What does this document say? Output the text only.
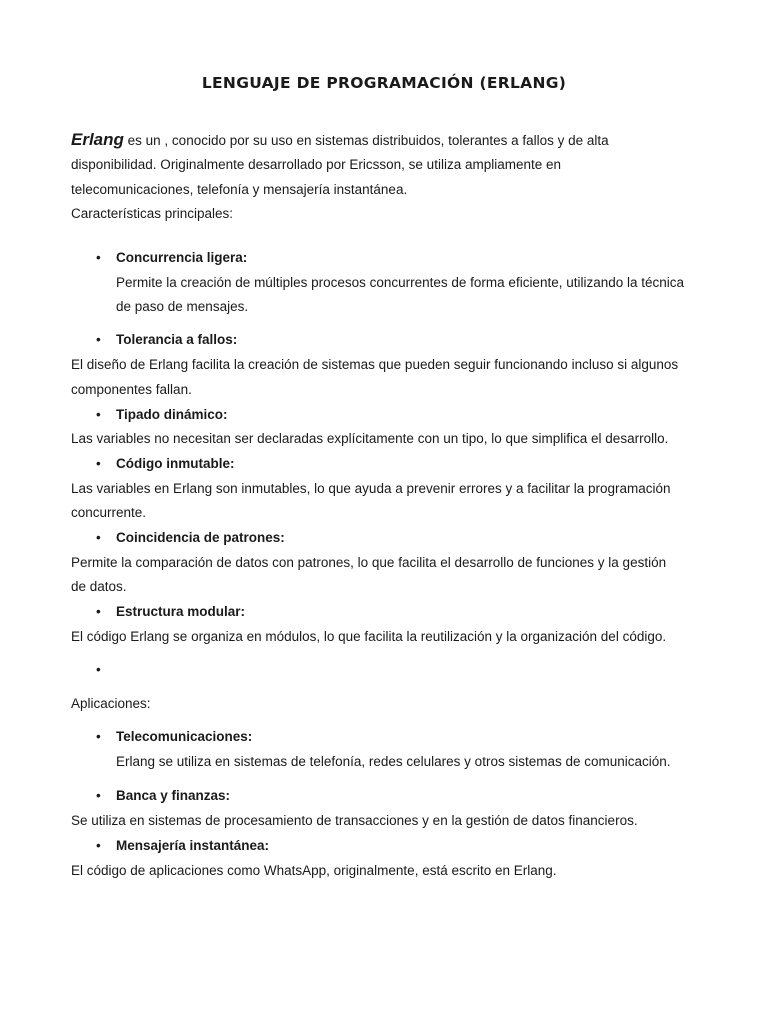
LENGUAJE DE PROGRAMACIÓN (ERLANG)
Erlang es un , conocido por su uso en sistemas distribuidos, tolerantes a fallos y de alta
disponibilidad. Originalmente desarrollado por Ericsson, se utiliza ampliamente en
telecomunicaciones, telefonía y mensajería instantánea.
Características principales:
• Concurrencia ligera:
Permite la creación de múltiples procesos concurrentes de forma eficiente, utilizando la técnica
de paso de mensajes.
• Tolerancia a fallos:
El diseño de Erlang facilita la creación de sistemas que pueden seguir funcionando incluso si algunos
componentes fallan.
• Tipado dinámico:
Las variables no necesitan ser declaradas explícitamente con un tipo, lo que simplifica el desarrollo.
• Código inmutable:
Las variables en Erlang son inmutables, lo que ayuda a prevenir errores y a facilitar la programación
concurrente.
• Coincidencia de patrones:
Permite la comparación de datos con patrones, lo que facilita el desarrollo de funciones y la gestión
de datos.
• Estructura modular:
El código Erlang se organiza en módulos, lo que facilita la reutilización y la organización del código.
•
Aplicaciones:
• Telecomunicaciones:
Erlang se utiliza en sistemas de telefonía, redes celulares y otros sistemas de comunicación.
• Banca y finanzas:
Se utiliza en sistemas de procesamiento de transacciones y en la gestión de datos financieros.
• Mensajería instantánea:
El código de aplicaciones como WhatsApp, originalmente, está escrito en Erlang.
